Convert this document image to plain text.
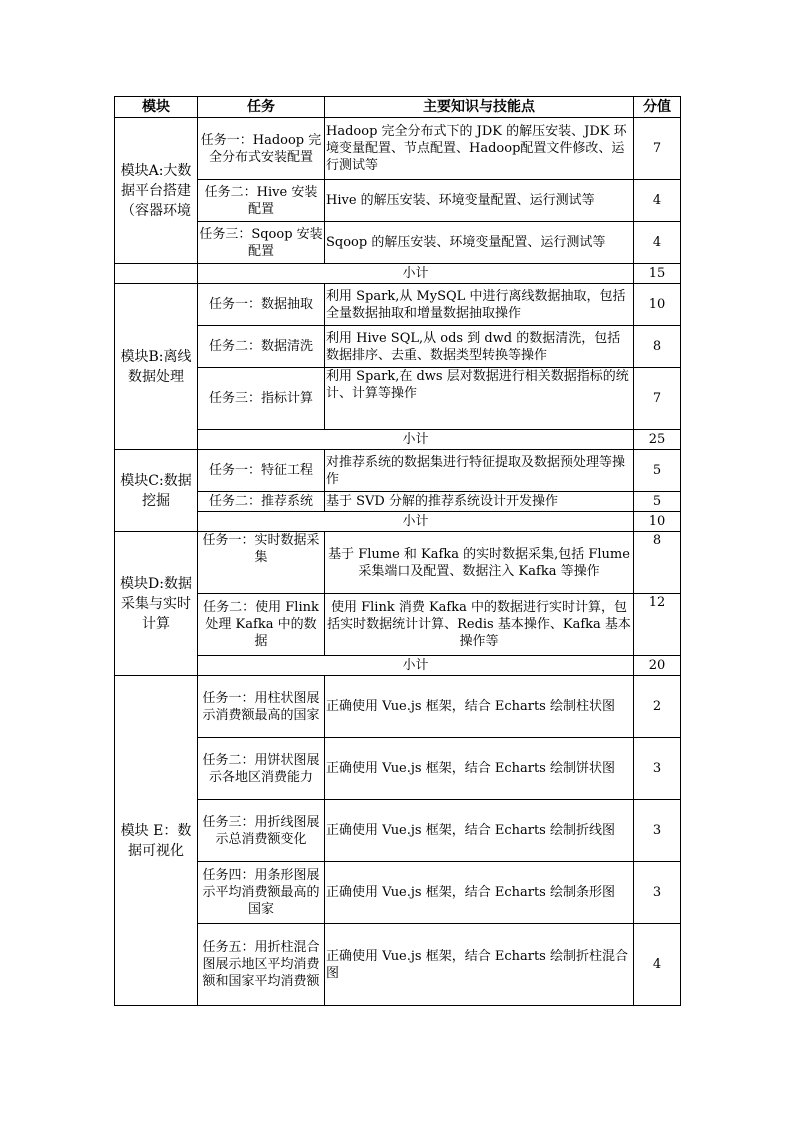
模块	任务	主要知识与技能点	分值
模块A:大数据平台搭建（容器环境	任务一：Hadoop 完全分布式安装配置	Hadoop 完全分布式下的 JDK 的解压安装、JDK 环境变量配置、节点配置、Hadoop配置文件修改、运行测试等	7
	任务二：Hive 安装配置	Hive 的解压安装、环境变量配置、运行测试等	4
	任务三：Sqoop 安装配置	Sqoop 的解压安装、环境变量配置、运行测试等	4
	小计		15
模块B:离线数据处理	任务一：数据抽取	利用 Spark,从 MySQL 中进行离线数据抽取，包括全量数据抽取和增量数据抽取操作	10
	任务二：数据清洗	利用 Hive SQL,从 ods 到 dwd 的数据清洗，包括数据排序、去重、数据类型转换等操作	8
	任务三：指标计算	利用 Spark,在 dws 层对数据进行相关数据指标的统计、计算等操作	7
	小计		25
模块C:数据挖掘	任务一：特征工程	对推荐系统的数据集进行特征提取及数据预处理等操作	5
	任务二：推荐系统	基于 SVD 分解的推荐系统设计开发操作	5
	小计		10
模块D:数据采集与实时计算	任务一：实时数据采集	基于 Flume 和 Kafka 的实时数据采集,包括 Flume 采集端口及配置、数据注入 Kafka 等操作	8
	任务二：使用 Flink 处理 Kafka 中的数据	使用 Flink 消费 Kafka 中的数据进行实时计算，包括实时数据统计计算、Redis 基本操作、Kafka 基本操作等	12
	小计		20
模块 E：数据可视化	任务一：用柱状图展示消费额最高的国家	正确使用 Vue.js 框架，结合 Echarts 绘制柱状图	2
	任务二：用饼状图展示各地区消费能力	正确使用 Vue.js 框架，结合 Echarts 绘制饼状图	3
	任务三：用折线图展示总消费额变化	正确使用 Vue.js 框架，结合 Echarts 绘制折线图	3
	任务四：用条形图展示平均消费额最高的国家	正确使用 Vue.js 框架，结合 Echarts 绘制条形图	3
	任务五：用折柱混合图展示地区平均消费额和国家平均消费额	正确使用 Vue.js 框架，结合 Echarts 绘制折柱混合图	4
